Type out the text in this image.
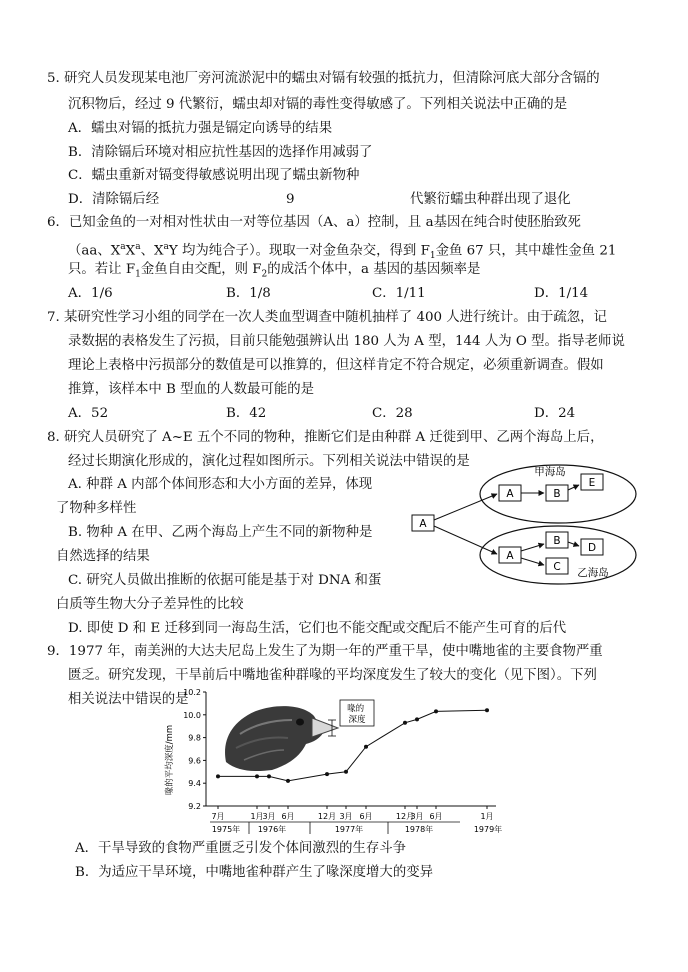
5. 研究人员发现某电池厂旁河流淤泥中的蠕虫对镉有较强的抵抗力，但清除河底大部分含镉的
沉积物后，经过 9 代繁衍，蠕虫却对镉的毒性变得敏感了。下列相关说法中正确的是
A．蠕虫对镉的抵抗力强是镉定向诱导的结果
B．清除镉后环境对相应抗性基因的选择作用减弱了
C．蠕虫重新对镉变得敏感说明出现了蠕虫新物种
D．清除镉后经	9	代繁衍蠕虫种群出现了退化
6．已知金鱼的一对相对性状由一对等位基因（A、a）控制，且 a基因在纯合时使胚胎致死
（aa、$X^aX^a$、$X^aY$ 均为纯合子）。现取一对金鱼杂交，得到 $F_1$金鱼 67 只，其中雄性金鱼 21
只。若让 $F_1$金鱼自由交配，则 $F_2$的成活个体中，a 基因的基因频率是
A．1/6	B．1/8	C．1/11	D．1/14
7. 某研究性学习小组的同学在一次人类血型调查中随机抽样了 400 人进行统计。由于疏忽，记
录数据的表格发生了污损，目前只能勉强辨认出 180 人为 A 型，144 人为 O 型。指导老师说
理论上表格中污损部分的数值是可以推算的，但这样肯定不符合规定，必须重新调查。假如
推算，该样本中 B 型血的人数最可能的是
A．52	B．42	C．28	D．24
8. 研究人员研究了 A~E 五个不同的物种，推断它们是由种群 A 迁徙到甲、乙两个海岛上后，
经过长期演化形成的，演化过程如图所示。下列相关说法中错误的是
A. 种群 A 内部个体间形态和大小方面的差异，体现
了物种多样性
B. 物种 A 在甲、乙两个海岛上产生不同的新物种是
自然选择的结果
C. 研究人员做出推断的依据可能是基于对 DNA 和蛋
白质等生物大分子差异性的比较
D. 即使 D 和 E 迁移到同一海岛生活，它们也不能交配或交配后不能产生可育的后代
甲海岛
乙海岛
A
A	B
E
A
B
D
C
9．1977 年，南美洲的大达夫尼岛上发生了为期一年的严重干旱，使中嘴地雀的主要食物严重
匮乏。研究发现，干旱前后中嘴地雀种群喙的平均深度发生了较大的变化（见下图）。下列
相关说法中错误的是
喙的 深度
喙的平均深度/mm
10.2
10.0
9.8
9.6
9.4
9.2
7月	1月
3月 6月	12月 3月 6月	12月
3月 6月	1月
1975年 1976年	1977年	1978年	1979年
A．干旱导致的食物严重匮乏引发个体间激烈的生存斗争
B．为适应干旱环境，中嘴地雀种群产生了喙深度增大的变异
